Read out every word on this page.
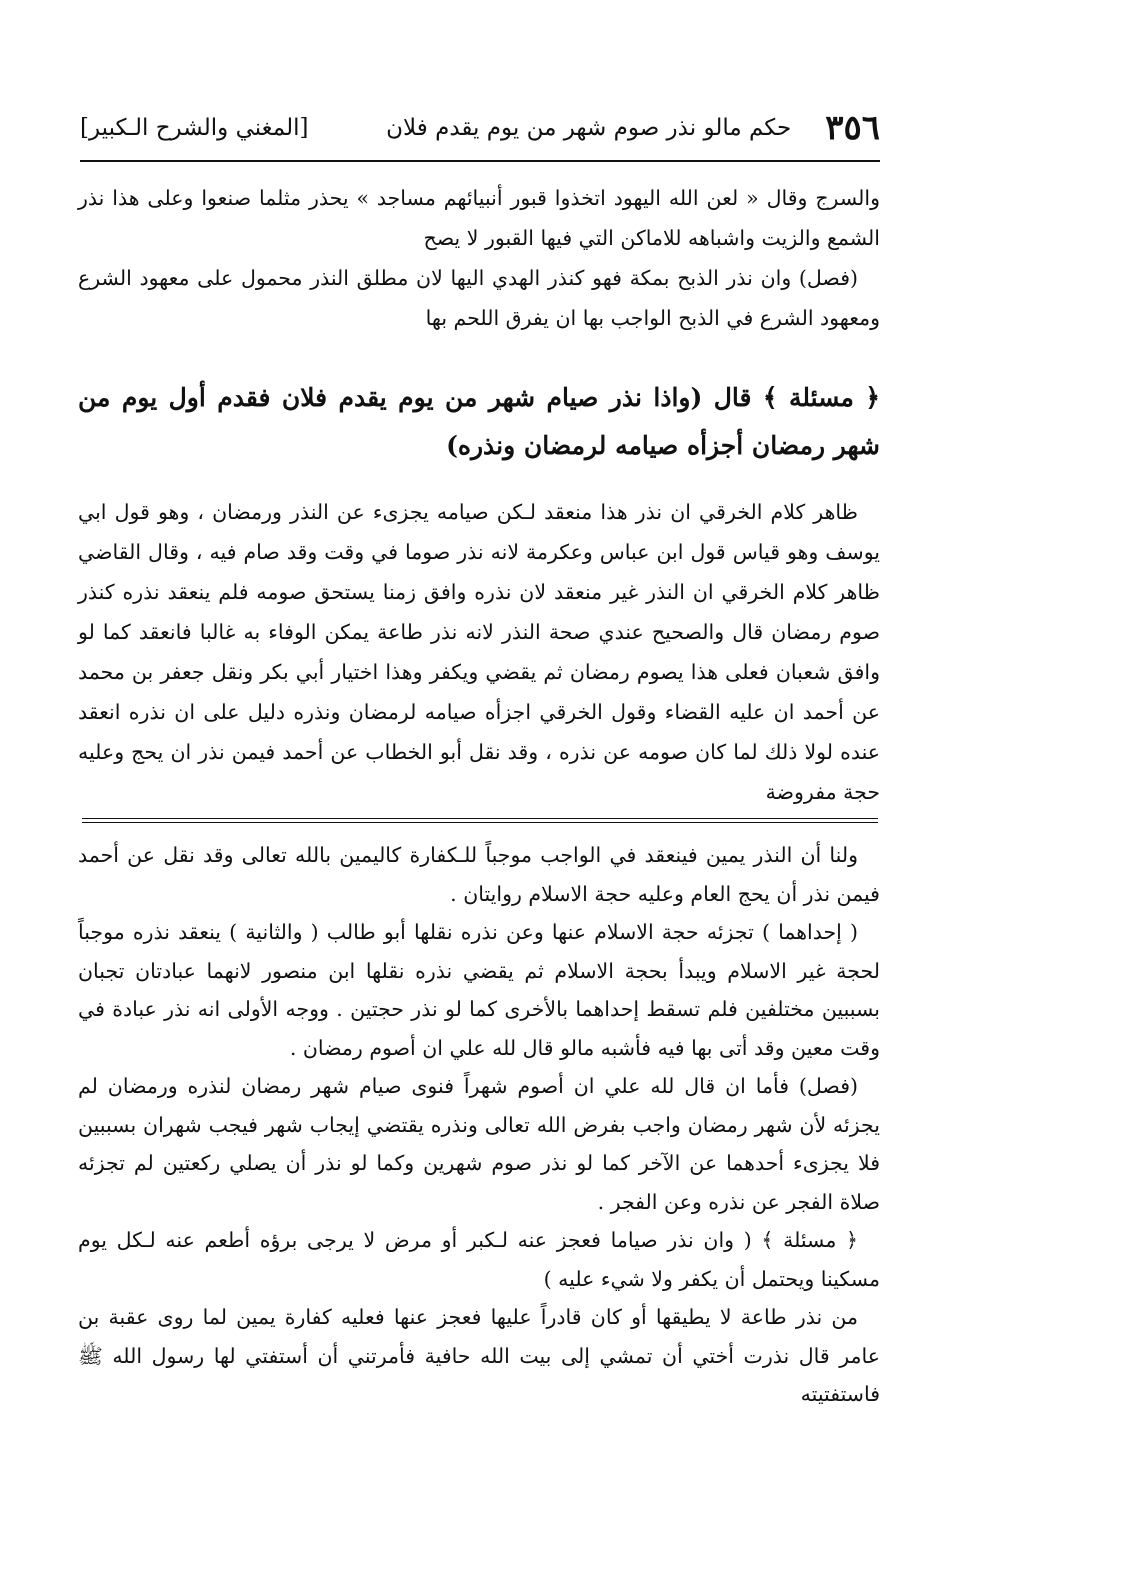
٣٥٦
حكم مالو نذر صوم شهر من يوم يقدم فلان
[المغني والشرح الـكبير]

والسرج وقال « لعن الله اليهود اتخذوا قبور أنبيائهم مساجد » يحذر مثلما صنعوا وعلى هذا نذر الشمع والزيت واشباهه للاماكن التي فيها القبور لا يصح

(فصل) وان نذر الذبح بمكة فهو كنذر الهدي اليها لان مطلق النذر محمول على معهود الشرع ومعهود الشرع في الذبح الواجب بها ان يفرق اللحم بها

﴿ مسئلة ﴾ قال (واذا نذر صيام شهر من يوم يقدم فلان فقدم أول يوم من شهر رمضان أجزأه صيامه لرمضان ونذره)

ظاهر كلام الخرقي ان نذر هذا منعقد لـكن صيامه يجزىء عن النذر ورمضان ، وهو قول ابي يوسف وهو قياس قول ابن عباس وعكرمة لانه نذر صوما في وقت وقد صام فيه ، وقال القاضي ظاهر كلام الخرقي ان النذر غير منعقد لان نذره وافق زمنا يستحق صومه فلم ينعقد نذره كنذر صوم رمضان قال والصحيح عندي صحة النذر لانه نذر طاعة يمكن الوفاء به غالبا فانعقد كما لو وافق شعبان فعلى هذا يصوم رمضان ثم يقضي ويكفر وهذا اختيار أبي بكر ونقل جعفر بن محمد عن أحمد ان عليه القضاء وقول الخرقي اجزأه صيامه لرمضان ونذره دليل على ان نذره انعقد عنده لولا ذلك لما كان صومه عن نذره ، وقد نقل أبو الخطاب عن أحمد فيمن نذر ان يحج وعليه حجة مفروضة

ولنا أن النذر يمين فينعقد في الواجب موجباً للـكفارة كاليمين بالله تعالى وقد نقل عن أحمد فيمن نذر أن يحج العام وعليه حجة الاسلام روايتان .

( إحداهما ) تجزئه حجة الاسلام عنها وعن نذره نقلها أبو طالب ( والثانية ) ينعقد نذره موجباً لحجة غير الاسلام ويبدأ بحجة الاسلام ثم يقضي نذره نقلها ابن منصور لانهما عبادتان تجبان بسببين مختلفين فلم تسقط إحداهما بالأخرى كما لو نذر حجتين . ووجه الأولى انه نذر عبادة في وقت معين وقد أتى بها فيه فأشبه مالو قال لله علي ان أصوم رمضان .

(فصل) فأما ان قال لله علي ان أصوم شهراً فنوى صيام شهر رمضان لنذره ورمضان لم يجزئه لأن شهر رمضان واجب بفرض الله تعالى ونذره يقتضي إيجاب شهر فيجب شهران بسببين فلا يجزىء أحدهما عن الآخر كما لو نذر صوم شهرين وكما لو نذر أن يصلي ركعتين لم تجزئه صلاة الفجر عن نذره وعن الفجر .

﴿ مسئلة ﴾ ( وان نذر صياما فعجز عنه لـكبر أو مرض لا يرجى برؤه أطعم عنه لـكل يوم مسكينا ويحتمل أن يكفر ولا شيء عليه )

من نذر طاعة لا يطيقها أو كان قادراً عليها فعجز عنها فعليه كفارة يمين لما روى عقبة بن عامر قال نذرت أختي أن تمشي إلى بيت الله حافية فأمرتني أن أستفتي لها رسول الله ﷺ فاستفتيته
